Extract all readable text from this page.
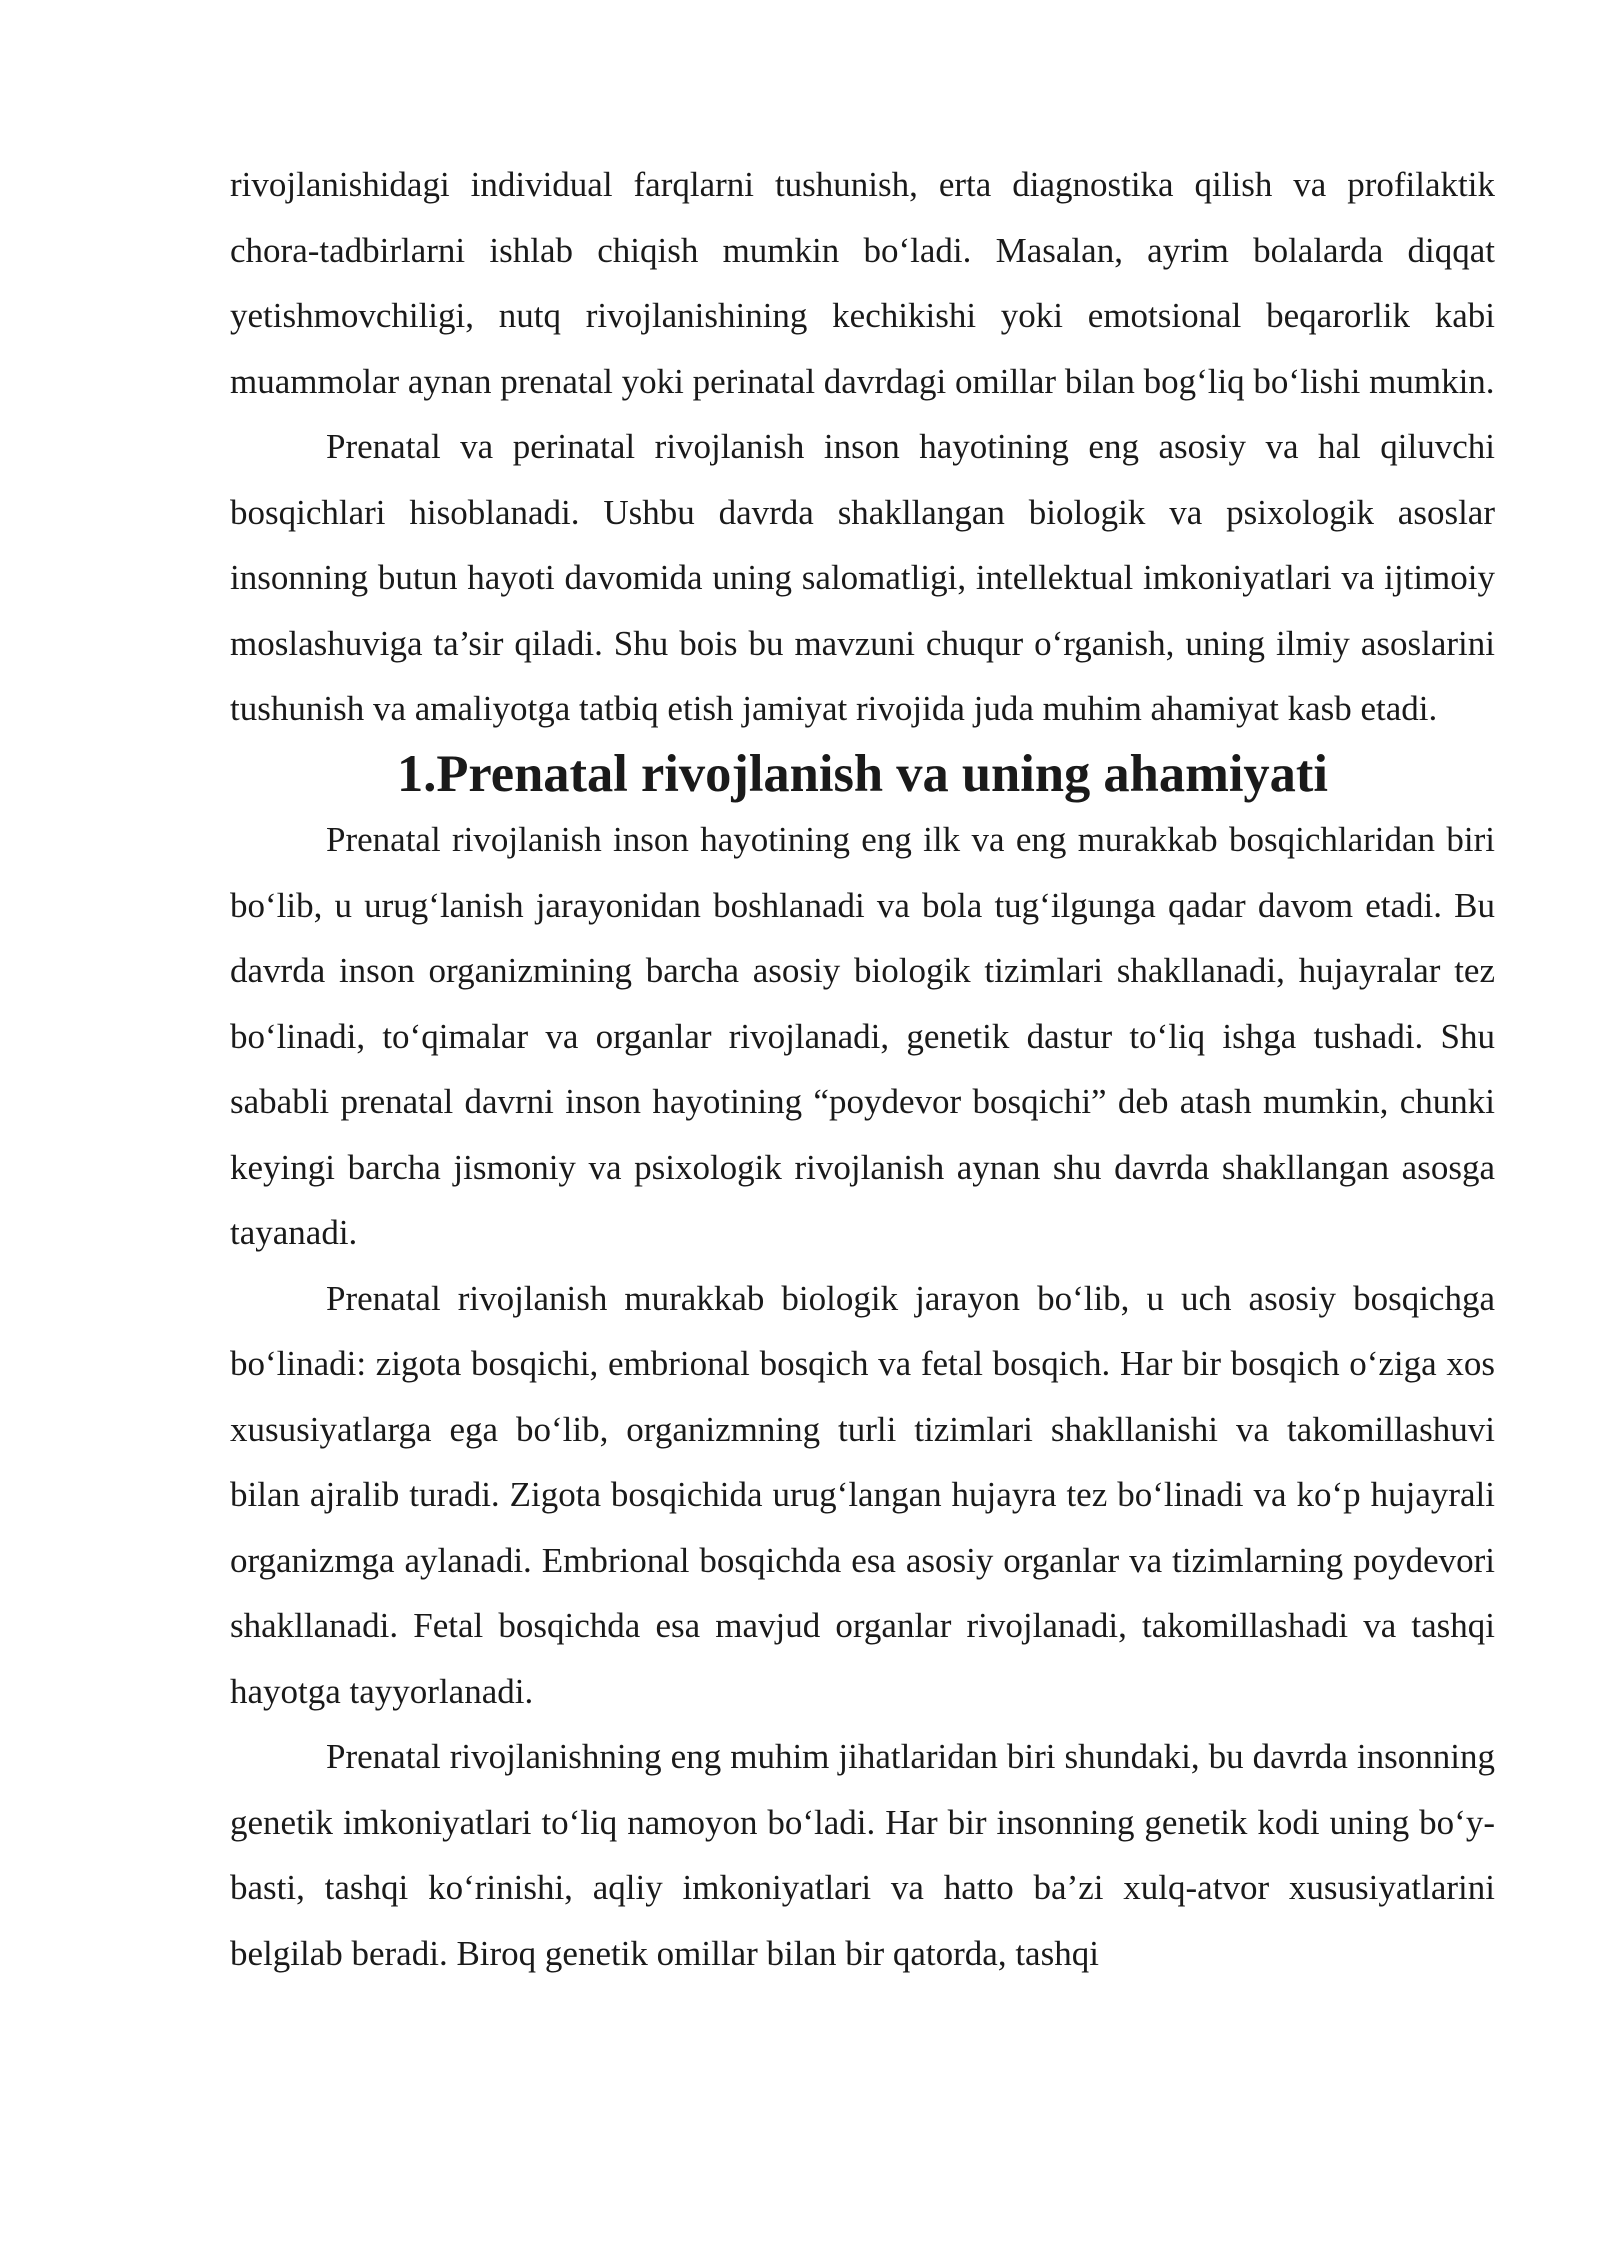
rivojlanishidagi individual farqlarni tushunish, erta diagnostika qilish va profilaktik chora-tadbirlarni ishlab chiqish mumkin bo‘ladi. Masalan, ayrim bolalarda diqqat yetishmovchiligi, nutq rivojlanishining kechikishi yoki emotsional beqarorlik kabi muammolar aynan prenatal yoki perinatal davrdagi omillar bilan bog‘liq bo‘lishi mumkin.

Prenatal va perinatal rivojlanish inson hayotining eng asosiy va hal qiluvchi bosqichlari hisoblanadi. Ushbu davrda shakllangan biologik va psixologik asoslar insonning butun hayoti davomida uning salomatligi, intellektual imkoniyatlari va ijtimoiy moslashuviga ta’sir qiladi. Shu bois bu mavzuni chuqur o‘rganish, uning ilmiy asoslarini tushunish va amaliyotga tatbiq etish jamiyat rivojida juda muhim ahamiyat kasb etadi.

1.Prenatal rivojlanish va uning ahamiyati

Prenatal rivojlanish inson hayotining eng ilk va eng murakkab bosqichlaridan biri bo‘lib, u urug‘lanish jarayonidan boshlanadi va bola tug‘ilgunga qadar davom etadi. Bu davrda inson organizmining barcha asosiy biologik tizimlari shakllanadi, hujayralar tez bo‘linadi, to‘qimalar va organlar rivojlanadi, genetik dastur to‘liq ishga tushadi. Shu sababli prenatal davrni inson hayotining “poydevor bosqichi” deb atash mumkin, chunki keyingi barcha jismoniy va psixologik rivojlanish aynan shu davrda shakllangan asosga tayanadi.

Prenatal rivojlanish murakkab biologik jarayon bo‘lib, u uch asosiy bosqichga bo‘linadi: zigota bosqichi, embrional bosqich va fetal bosqich. Har bir bosqich o‘ziga xos xususiyatlarga ega bo‘lib, organizmning turli tizimlari shakllanishi va takomillashuvi bilan ajralib turadi. Zigota bosqichida urug‘langan hujayra tez bo‘linadi va ko‘p hujayrali organizmga aylanadi. Embrional bosqichda esa asosiy organlar va tizimlarning poydevori shakllanadi. Fetal bosqichda esa mavjud organlar rivojlanadi, takomillashadi va tashqi hayotga tayyorlanadi.

Prenatal rivojlanishning eng muhim jihatlaridan biri shundaki, bu davrda insonning genetik imkoniyatlari to‘liq namoyon bo‘ladi. Har bir insonning genetik kodi uning bo‘y-basti, tashqi ko‘rinishi, aqliy imkoniyatlari va hatto ba’zi xulq-atvor xususiyatlarini belgilab beradi. Biroq genetik omillar bilan bir qatorda, tashqi
